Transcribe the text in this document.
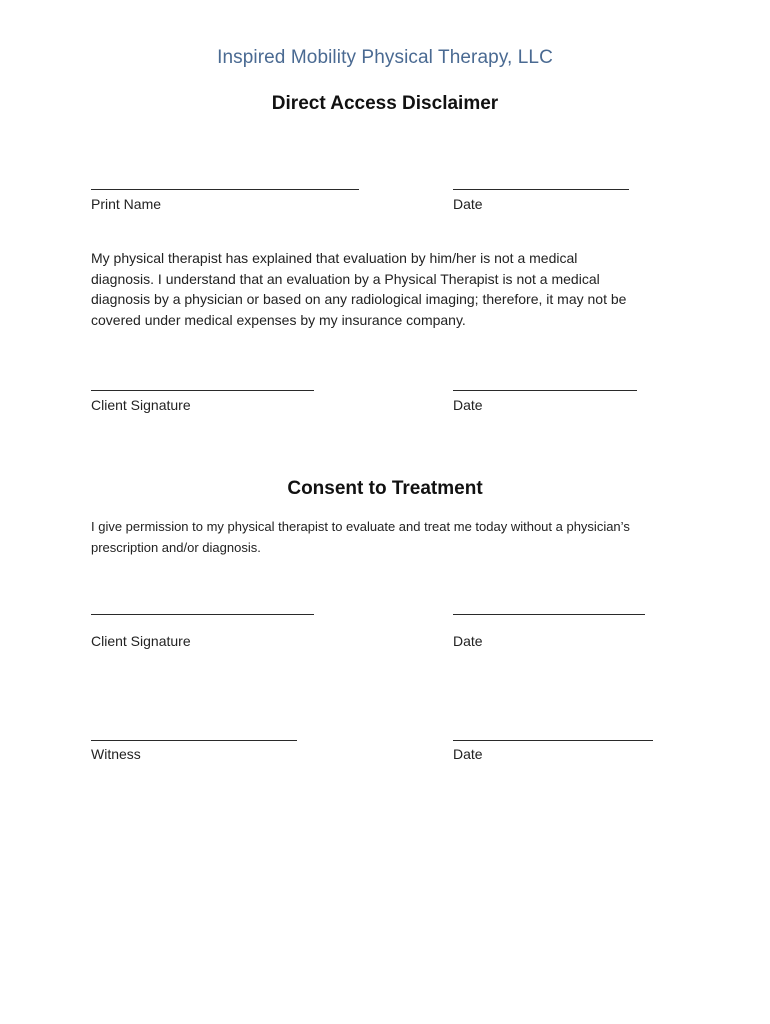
Inspired Mobility Physical Therapy, LLC
Direct Access Disclaimer
Print Name	Date
My physical therapist has explained that evaluation by him/her is not a medical
diagnosis. I understand that an evaluation by a Physical Therapist is not a medical
diagnosis by a physician or based on any radiological imaging; therefore, it may not be
covered under medical expenses by my insurance company.
Client Signature	Date
Consent to Treatment
I give permission to my physical therapist to evaluate and treat me today without a physician’s
prescription and/or diagnosis.
Client Signature	Date
Witness	Date
